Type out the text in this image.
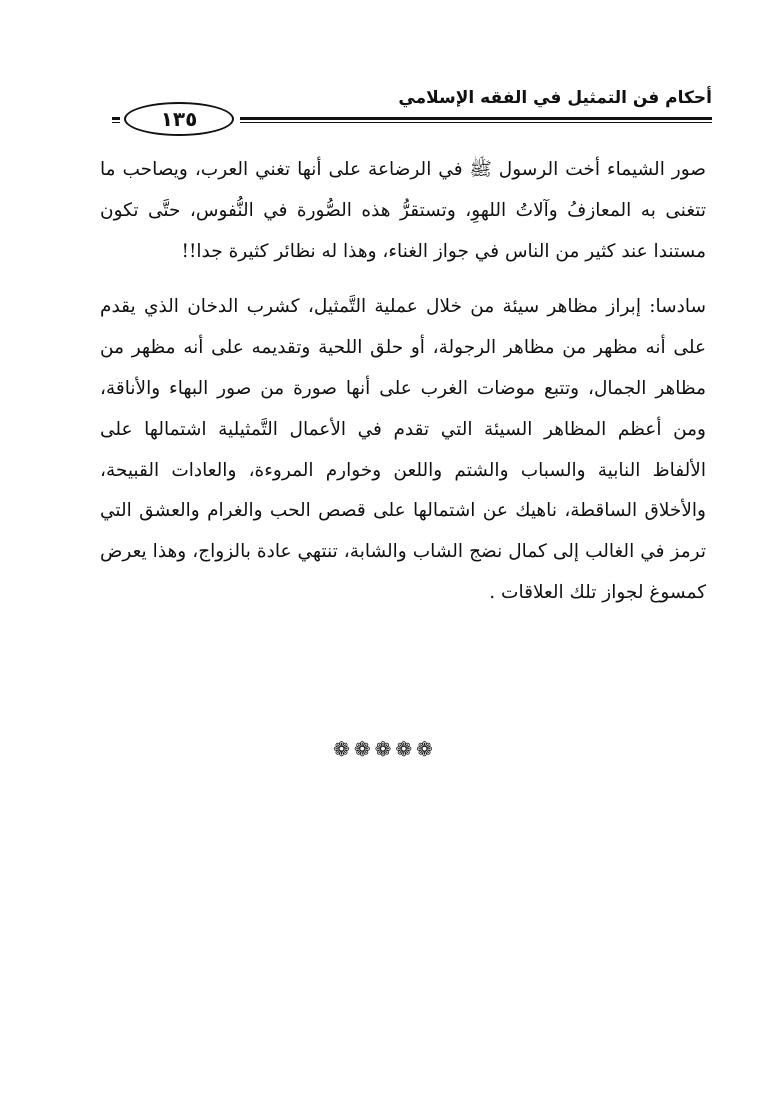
أحكام فن التمثيل في الفقه الإسلامي
١٣٥

صور الشيماء أخت الرسول ﷺ في الرضاعة على أنها تغني العرب، ويصاحب ما تتغنى به المعازفُ وآلاتُ اللهوِ، وتستقرُّ هذه الصُّورة في النُّفوس، حتَّى تكون مستندا عند كثير من الناس في جواز الغناء، وهذا له نظائر كثيرة جدا!!

سادسا: إبراز مظاهر سيئة من خلال عملية التَّمثيل، كشرب الدخان الذي يقدم على أنه مظهر من مظاهر الرجولة، أو حلق اللحية وتقديمه على أنه مظهر من مظاهر الجمال، وتتبع موضات الغرب على أنها صورة من صور البهاء والأناقة، ومن أعظم المظاهر السيئة التي تقدم في الأعمال التَّمثيلية اشتمالها على الألفاظ النابية والسباب والشتم واللعن وخوارم المروءة، والعادات القبيحة، والأخلاق الساقطة، ناهيك عن اشتمالها على قصص الحب والغرام والعشق التي ترمز في الغالب إلى كمال نضج الشاب والشابة، تنتهي عادة بالزواج، وهذا يعرض كمسوغ لجواز تلك العلاقات .

❁❁❁❁❁
